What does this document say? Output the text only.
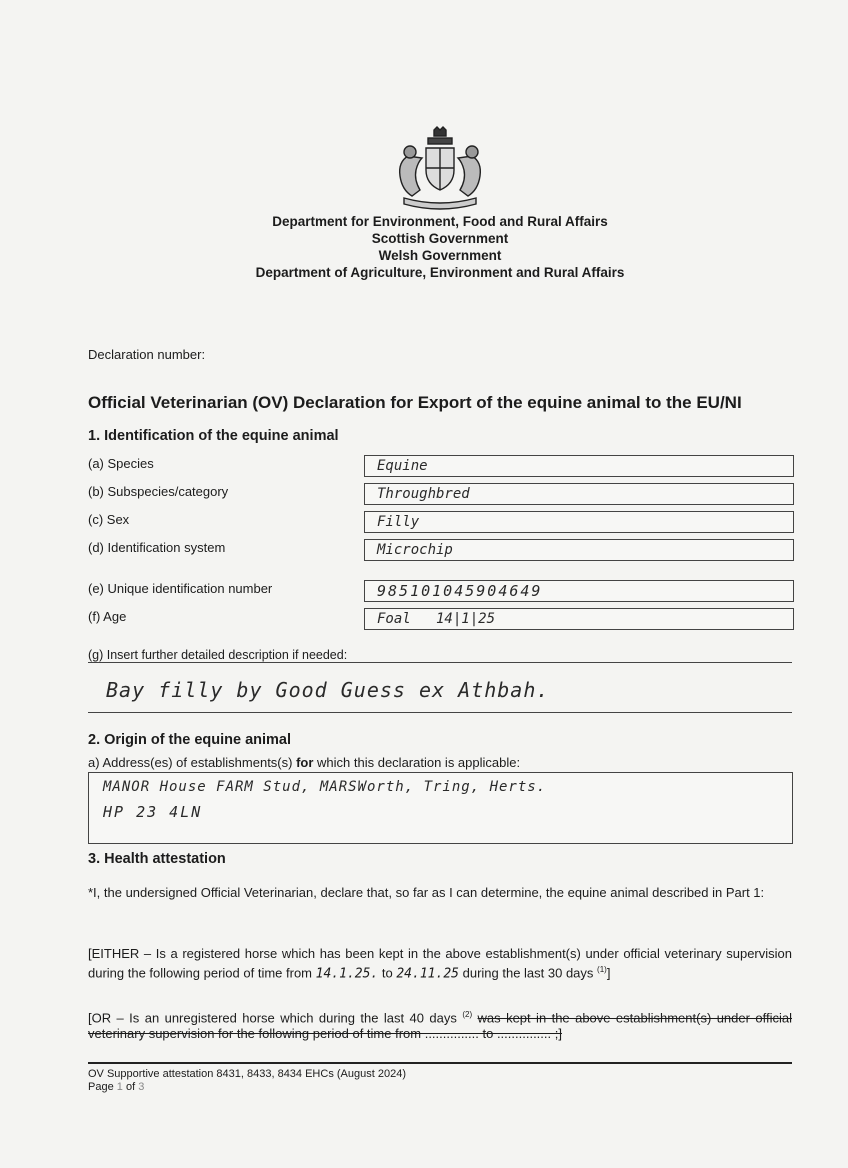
Department for Environment, Food and Rural Affairs
Scottish Government
Welsh Government
Department of Agriculture, Environment and Rural Affairs
Declaration number:
Official Veterinarian (OV) Declaration for Export of the equine animal to the EU/NI
1. Identification of the equine animal
(a) Species	Equine
(b) Subspecies/category	Throughbred
(c) Sex	Filly
(d) Identification system	Microchip
(e) Unique identification number	985101045904649
(f) Age	Foal   14|1|25
(g) Insert further detailed description if needed:
Bay filly by Good Guess ex Athbah.
2. Origin of the equine animal
a) Address(es) of establishments(s) for which this declaration is applicable:
MANOR House FARM Stud, MARSWorth, Tring, Herts.
HP 23 4LN
3. Health attestation
*I, the undersigned Official Veterinarian, declare that, so far as I can determine, the equine animal described in Part 1:
[EITHER – Is a registered horse which has been kept in the above establishment(s) under official veterinary supervision during the following period of time from 14.1.25. to 24.11.25 during the last 30 days $^{(1)}$]
[OR – Is an unregistered horse which during the last 40 days $^{(2)}$ was kept in the above establishment(s) under official veterinary supervision for the following period of time from ............... to ............... ;]
OV Supportive attestation 8431, 8433, 8434 EHCs (August 2024)
Page 1 of 3
